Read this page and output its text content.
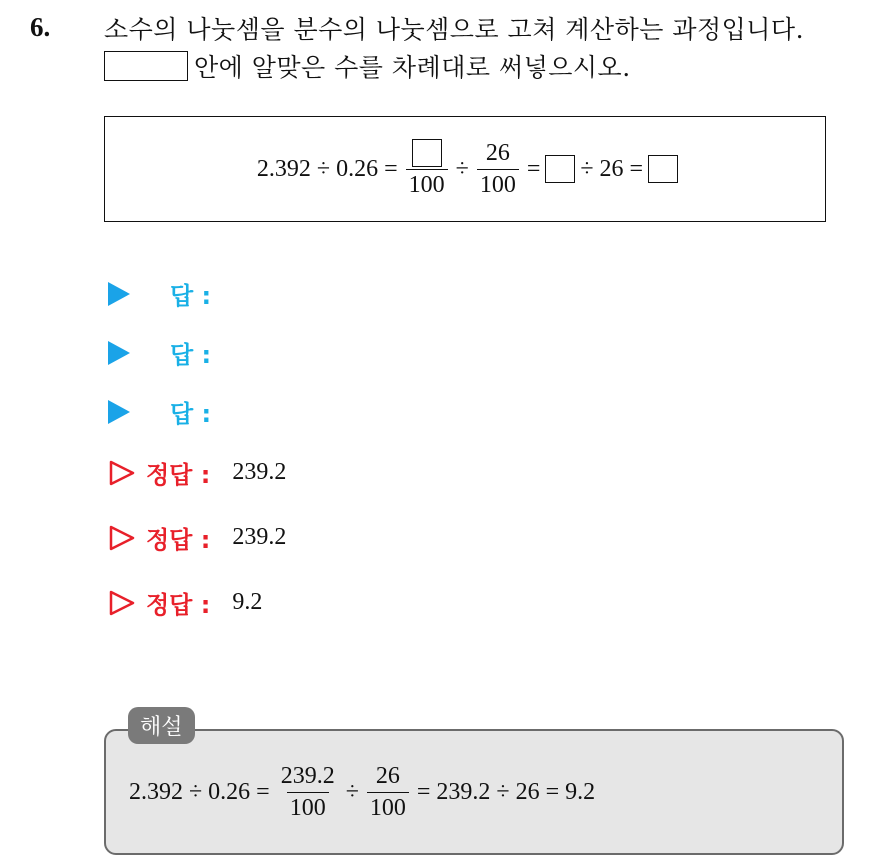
6. 소수의 나눗셈을 분수의 나눗셈으로 고쳐 계산하는 과정입니다.
안에 알맞은 수를 차례대로 써넣으시오.
2.392 ÷ 0.26 =
100
÷ $\frac{26}{100}$ = ÷ 26 =
답 :
답 :
답 :
정답 : 239.2
정답 : 239.2
정답 : 9.2
해설
$2.392 \div 0.26 = \frac{239.2}{100} \div \frac{26}{100} = 239.2 \div 26 = 9.2$
